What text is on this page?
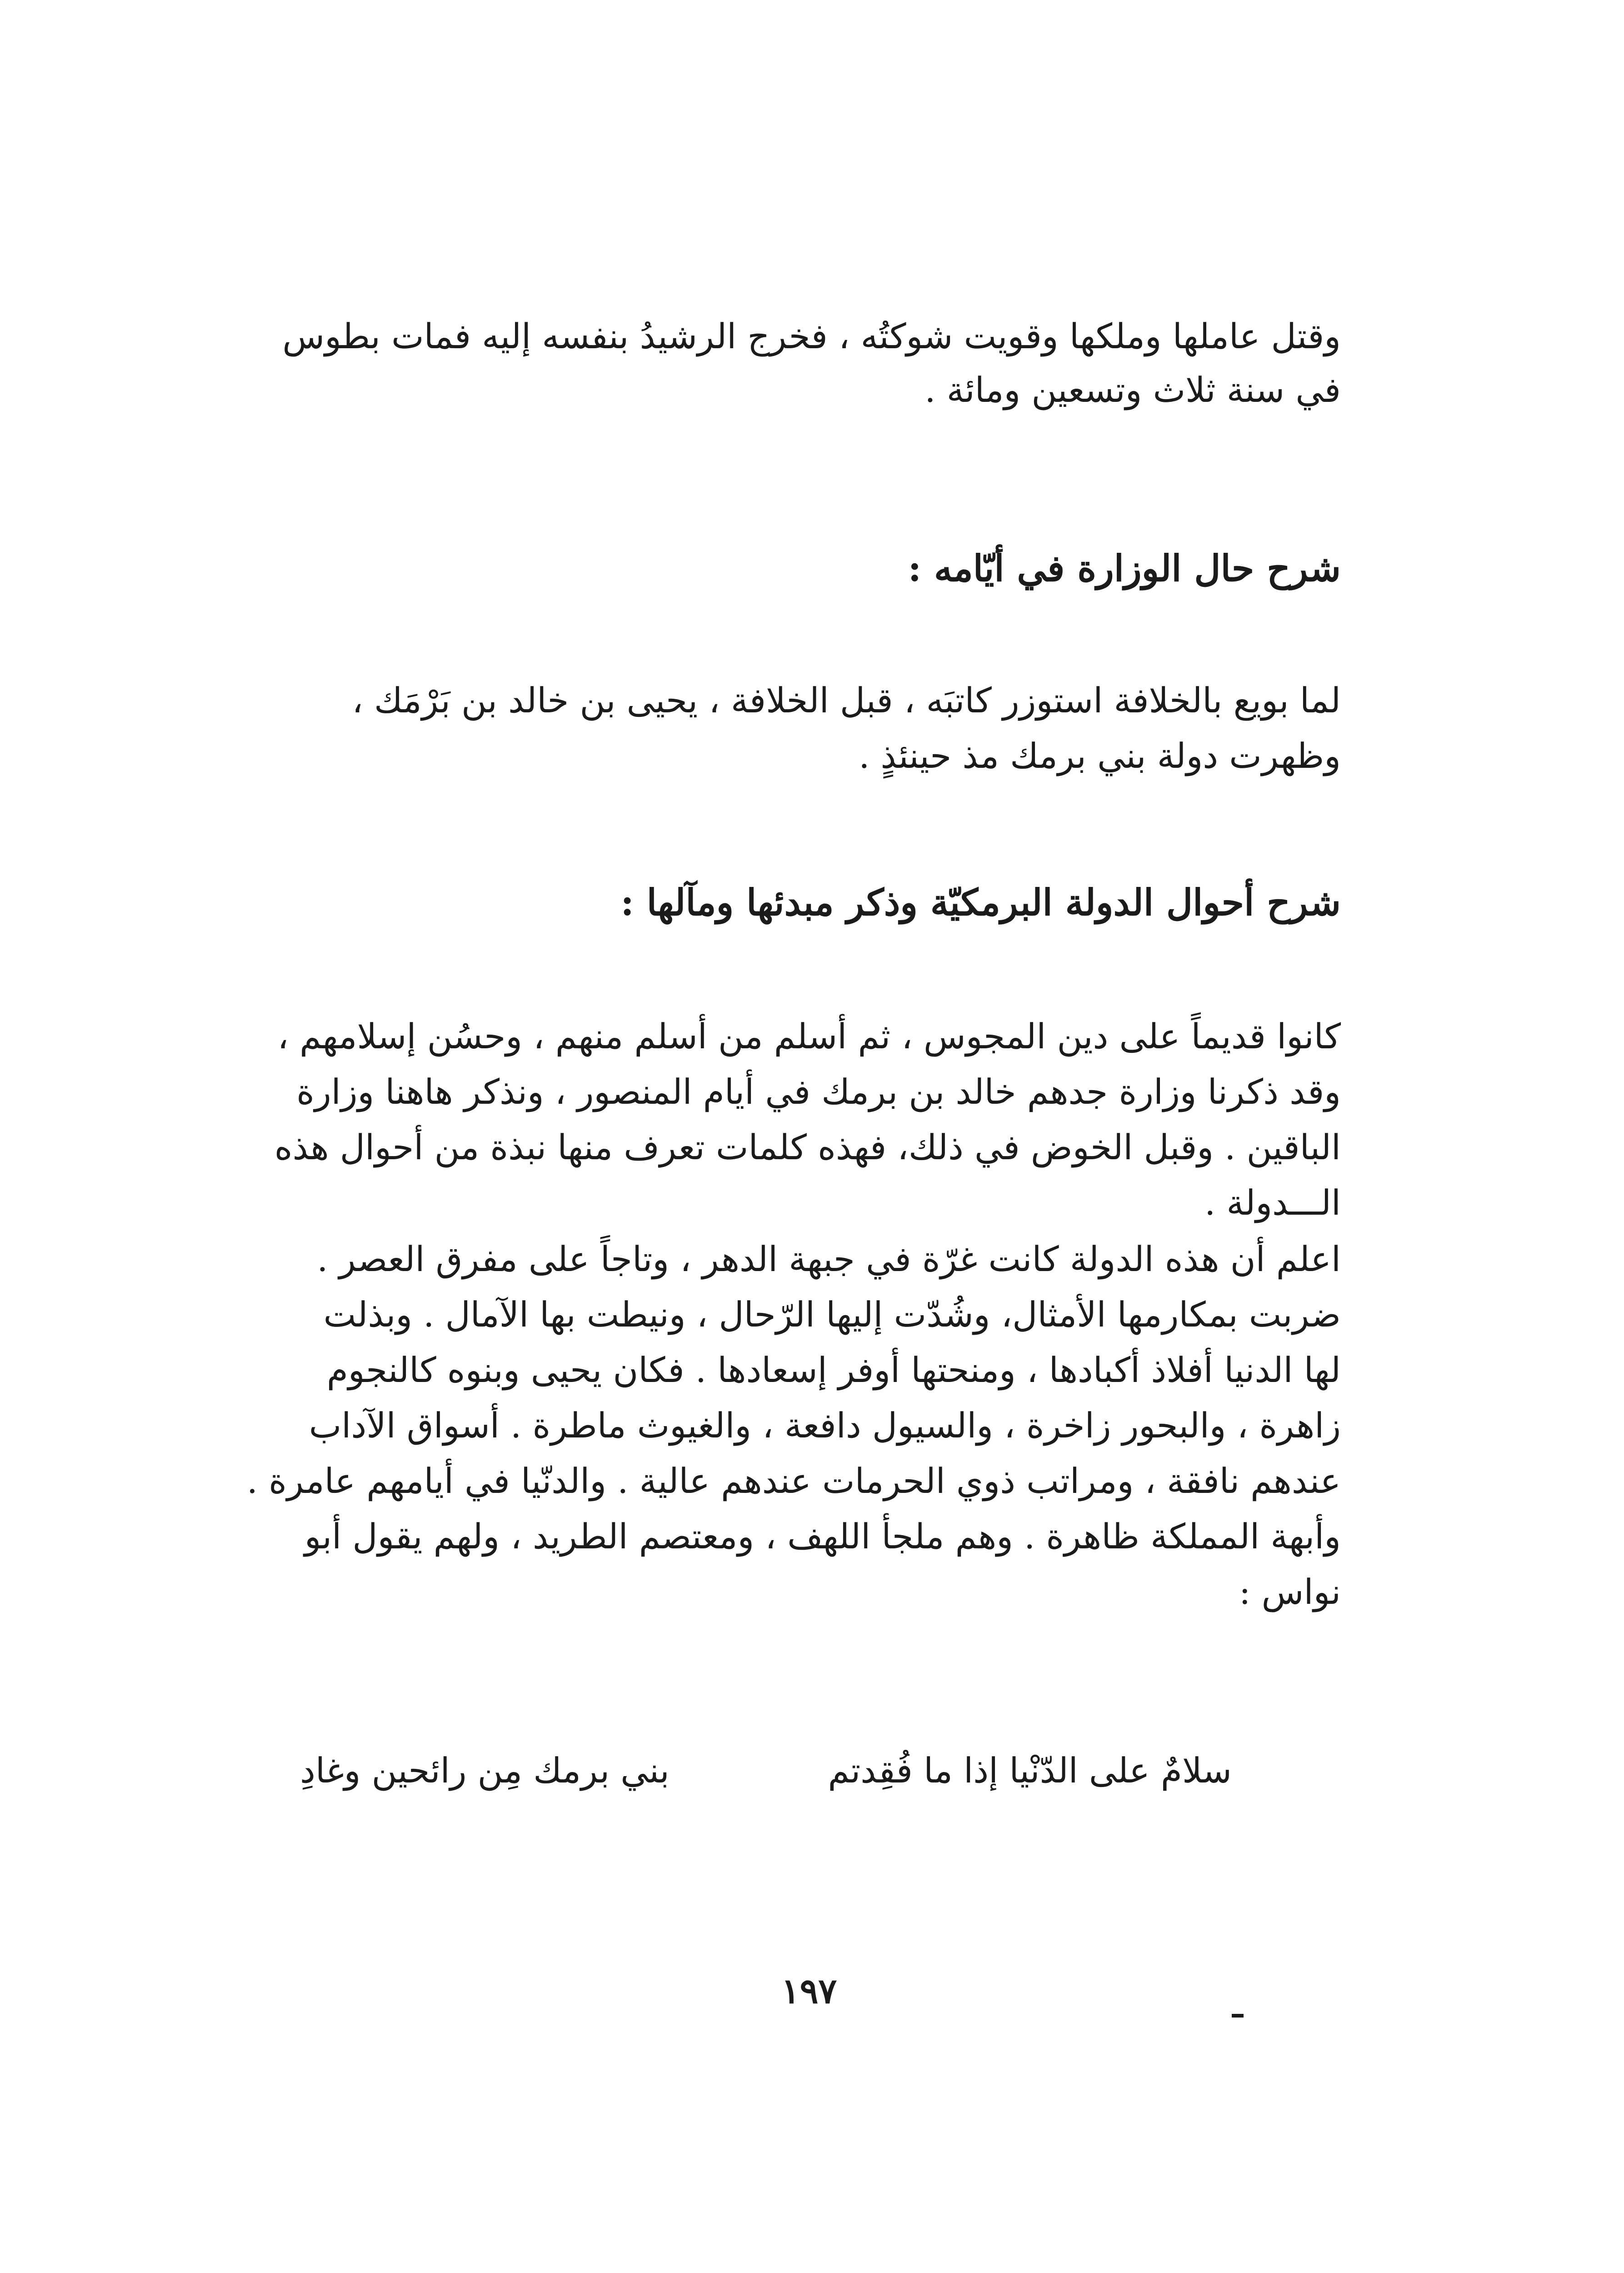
وقتل عاملها وملكها وقويت شوكتُه ، فخرج الرشيدُ بنفسه إليه فمات بطوس
في سنة ثلاث وتسعين ومائة .
شرح حال الوزارة في أيّامه :
لما بويع بالخلافة استوزر كاتبَه ، قبل الخلافة ، يحيى بن خالد بن بَرْمَك ،
وظهرت دولة بني برمك مذ حينئذٍ .
شرح أحوال الدولة البرمكيّة وذكر مبدئها ومآلها :
كانوا قديماً على دين المجوس ، ثم أسلم من أسلم منهم ، وحسُن إسلامهم ،
وقد ذكرنا وزارة جدهم خالد بن برمك في أيام المنصور ، ونذكر هاهنا وزارة
الباقين . وقبل الخوض في ذلك، فهذه كلمات تعرف منها نبذة من أحوال هذه
الـــدولة .
اعلم أن هذه الدولة كانت غرّة في جبهة الدهر ، وتاجاً على مفرق العصر .
ضربت بمكارمها الأمثال، وشُدّت إليها الرّحال ، ونيطت بها الآمال . وبذلت
لها الدنيا أفلاذ أكبادها ، ومنحتها أوفر إسعادها . فكان يحيى وبنوه كالنجوم
زاهرة ، والبحور زاخرة ، والسيول دافعة ، والغيوث ماطرة . أسواق الآداب
عندهم نافقة ، ومراتب ذوي الحرمات عندهم عالية . والدنّيا في أيامهم عامرة .
وأبهة المملكة ظاهرة . وهم ملجأ اللهف ، ومعتصم الطريد ، ولهم يقول أبو
نواس :
سلامٌ على الدّنْيا إذا ما فُقِدتم
بني برمك مِن رائحين وغادِ
١٩٧
